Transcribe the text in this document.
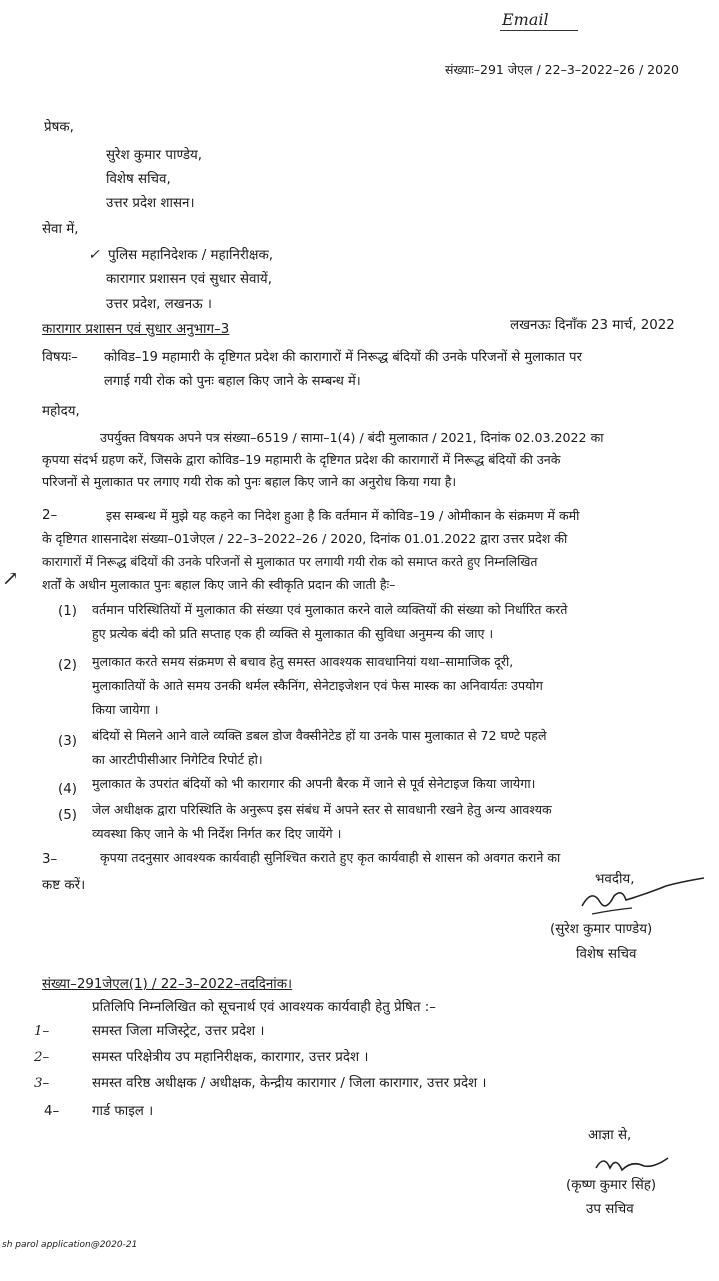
Email
संख्याः–291 जेएल / 22–3–2022–26 / 2020
प्रेषक,
सुरेश कुमार पाण्डेय,
विशेष सचिव,
उत्तर प्रदेश शासन।
सेवा में,
✓ पुलिस महानिदेशक / महानिरीक्षक,
कारागार प्रशासन एवं सुधार सेवायें,
उत्तर प्रदेश, लखनऊ ।
कारागार प्रशासन एवं सुधार अनुभाग–3	लखनऊः दिनाँक 23 मार्च, 2022
विषयः– कोविड–19 महामारी के दृष्टिगत प्रदेश की कारागारों में निरूद्ध बंदियों की उनके परिजनों से मुलाकात पर
लगाई गयी रोक को पुनः बहाल किए जाने के सम्बन्ध में।
महोदय,
उपर्युक्त विषयक अपने पत्र संख्या–6519 / सामा–1(4) / बंदी मुलाकात / 2021, दिनांक 02.03.2022 का
कृपया संदर्भ ग्रहण करें, जिसके द्वारा कोविड–19 महामारी के दृष्टिगत प्रदेश की कारागारों में निरूद्ध बंदियों की उनके
परिजनों से मुलाकात पर लगाए गयी रोक को पुनः बहाल किए जाने का अनुरोध किया गया है।
2–	इस सम्बन्ध में मुझे यह कहने का निदेश हुआ है कि वर्तमान में कोविड–19 / ओमीकान के संक्रमण में कमी
के दृष्टिगत शासनादेश संख्या–01जेएल / 22–3–2022–26 / 2020, दिनांक 01.01.2022 द्वारा उत्तर प्रदेश की
कारागारों में निरूद्ध बंदियों की उनके परिजनों से मुलाकात पर लगायी गयी रोक को समाप्त करते हुए निम्नलिखित
शर्तों के अधीन मुलाकात पुनः बहाल किए जाने की स्वीकृति प्रदान की जाती हैः–
↗
(1) वर्तमान परिस्थितियों में मुलाकात की संख्या एवं मुलाकात करने वाले व्यक्तियों की संख्या को निर्धारित करते
हुए प्रत्येक बंदी को प्रति सप्ताह एक ही व्यक्ति से मुलाकात की सुविधा अनुमन्य की जाए ।
(2) मुलाकात करते समय संक्रमण से बचाव हेतु समस्त आवश्यक सावधानियां यथा–सामाजिक दूरी,
मुलाकातियों के आते समय उनकी थर्मल स्कैनिंग, सेनेटाइजेशन एवं फेस मास्क का अनिवार्यतः उपयोग
किया जायेगा ।
(3) बंदियों से मिलने आने वाले व्यक्ति डबल डोज वैक्सीनेटेड हों या उनके पास मुलाकात से 72 घण्टे पहले
का आरटीपीसीआर निगेटिव रिपोर्ट हो।
(4) मुलाकात के उपरांत बंदियों को भी कारागार की अपनी बैरक में जाने से पूर्व सेनेटाइज किया जायेगा।
(5) जेल अधीक्षक द्वारा परिस्थिति के अनुरूप इस संबंध में अपने स्तर से सावधानी रखने हेतु अन्य आवश्यक
व्यवस्था किए जाने के भी निर्देश निर्गत कर दिए जायेंगे ।
3–	कृपया तदनुसार आवश्यक कार्यवाही सुनिश्चित कराते हुए कृत कार्यवाही से शासन को अवगत कराने का
कष्ट करें।	भवदीय,
(सुरेश कुमार पाण्डेय)
विशेष सचिव
संख्या–291जेएल(1) / 22–3–2022–तददिनांक।
प्रतिलिपि निम्नलिखित को सूचनार्थ एवं आवश्यक कार्यवाही हेतु प्रेषित :–
1–	समस्त जिला मजिस्ट्रेट, उत्तर प्रदेश ।
2–	समस्त परिक्षेत्रीय उप महानिरीक्षक, कारागार, उत्तर प्रदेश ।
3–	समस्त वरिष्ठ अधीक्षक / अधीक्षक, केन्द्रीय कारागार / जिला कारागार, उत्तर प्रदेश ।
4– गार्ड फाइल ।
आज्ञा से,
(कृष्ण कुमार सिंह)
उप सचिव
sh parol application@2020-21
